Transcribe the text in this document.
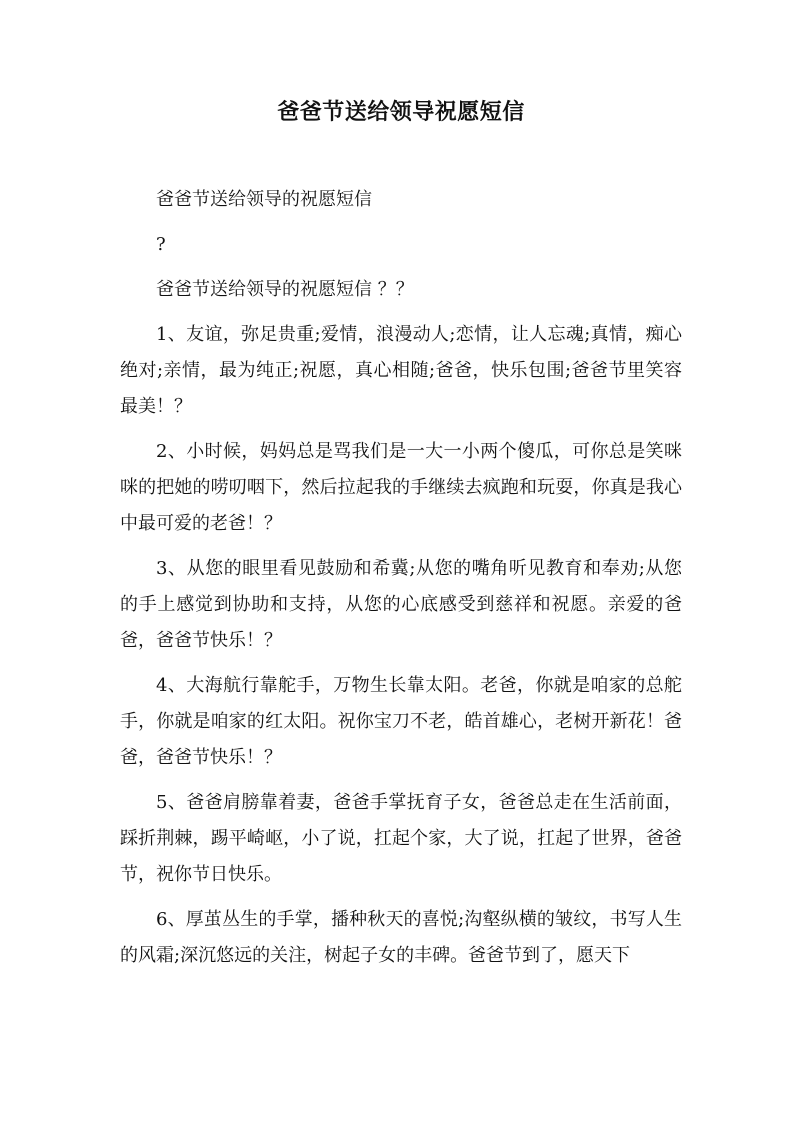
爸爸节送给领导祝愿短信

爸爸节送给领导的祝愿短信

?

爸爸节送给领导的祝愿短信 ？？

1、友谊，弥足贵重;爱情，浪漫动人;恋情，让人忘魂;真情，痴心绝对;亲情，最为纯正;祝愿，真心相随;爸爸，快乐包围;爸爸节里笑容最美！？

2、小时候，妈妈总是骂我们是一大一小两个傻瓜，可你总是笑咪咪的把她的唠叨咽下，然后拉起我的手继续去疯跑和玩耍，你真是我心中最可爱的老爸！？

3、从您的眼里看见鼓励和希冀;从您的嘴角听见教育和奉劝;从您的手上感觉到协助和支持，从您的心底感受到慈祥和祝愿。亲爱的爸爸，爸爸节快乐！？

4、大海航行靠舵手，万物生长靠太阳。老爸，你就是咱家的总舵手，你就是咱家的红太阳。祝你宝刀不老，皓首雄心，老树开新花！爸爸，爸爸节快乐！？

5、爸爸肩膀靠着妻，爸爸手掌抚育子女，爸爸总走在生活前面，踩折荆棘，踢平崎岖，小了说，扛起个家，大了说，扛起了世界，爸爸节，祝你节日快乐。

6、厚茧丛生的手掌，播种秋天的喜悦;沟壑纵横的皱纹，书写人生的风霜;深沉悠远的关注，树起子女的丰碑。爸爸节到了，愿天下
